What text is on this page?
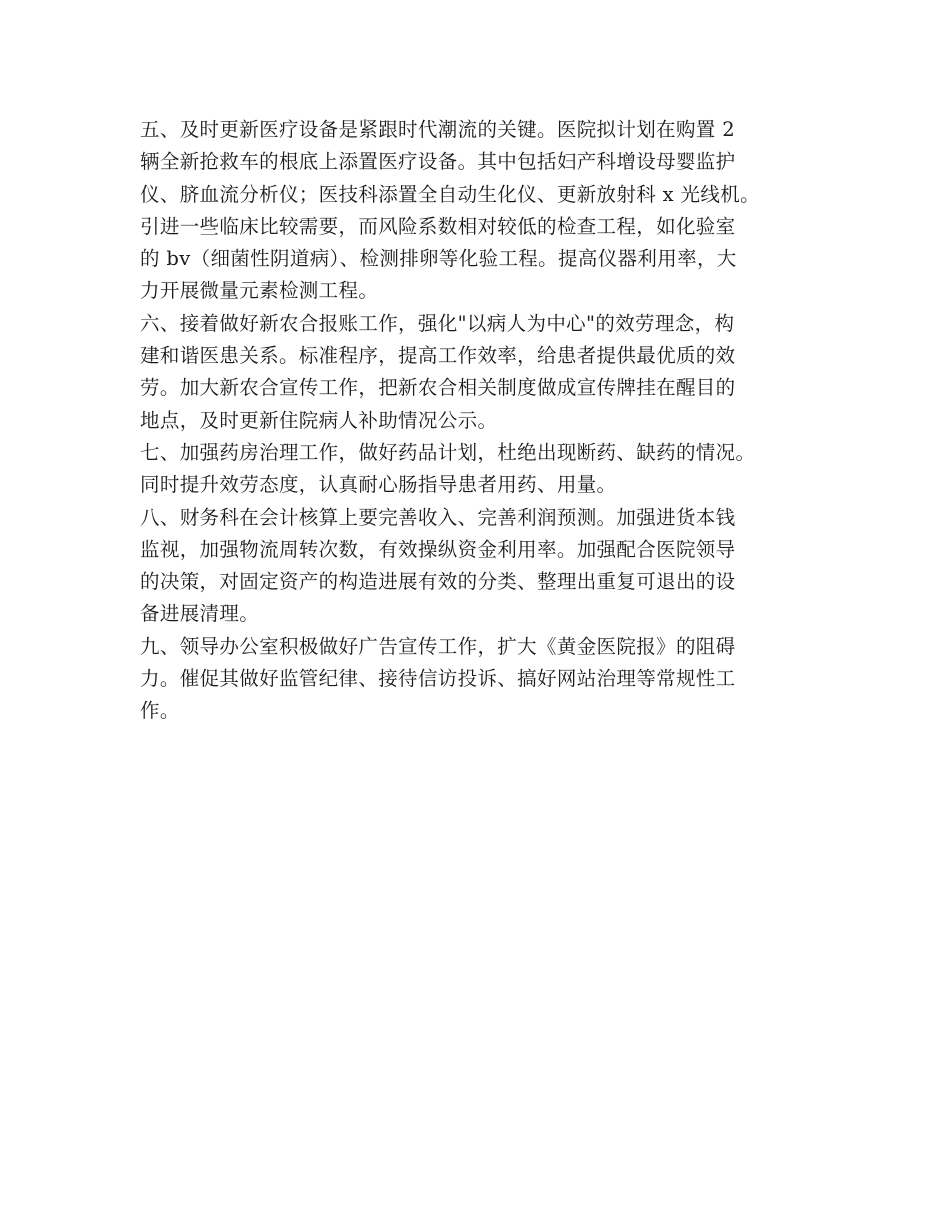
五、及时更新医疗设备是紧跟时代潮流的关键。医院拟计划在购置 2
辆全新抢救车的根底上添置医疗设备。其中包括妇产科增设母婴监护
仪、脐血流分析仪；医技科添置全自动生化仪、更新放射科 x 光线机。
引进一些临床比较需要，而风险系数相对较低的检查工程，如化验室
的 bv（细菌性阴道病）、检测排卵等化验工程。提高仪器利用率，大
力开展微量元素检测工程。
六、接着做好新农合报账工作，强化"以病人为中心"的效劳理念，构
建和谐医患关系。标准程序，提高工作效率，给患者提供最优质的效
劳。加大新农合宣传工作，把新农合相关制度做成宣传牌挂在醒目的
地点，及时更新住院病人补助情况公示。
七、加强药房治理工作，做好药品计划，杜绝出现断药、缺药的情况。
同时提升效劳态度，认真耐心肠指导患者用药、用量。
八、财务科在会计核算上要完善收入、完善利润预测。加强进货本钱
监视，加强物流周转次数，有效操纵资金利用率。加强配合医院领导
的决策，对固定资产的构造进展有效的分类、整理出重复可退出的设
备进展清理。
九、领导办公室积极做好广告宣传工作，扩大《黄金医院报》的阻碍
力。催促其做好监管纪律、接待信访投诉、搞好网站治理等常规性工
作。
